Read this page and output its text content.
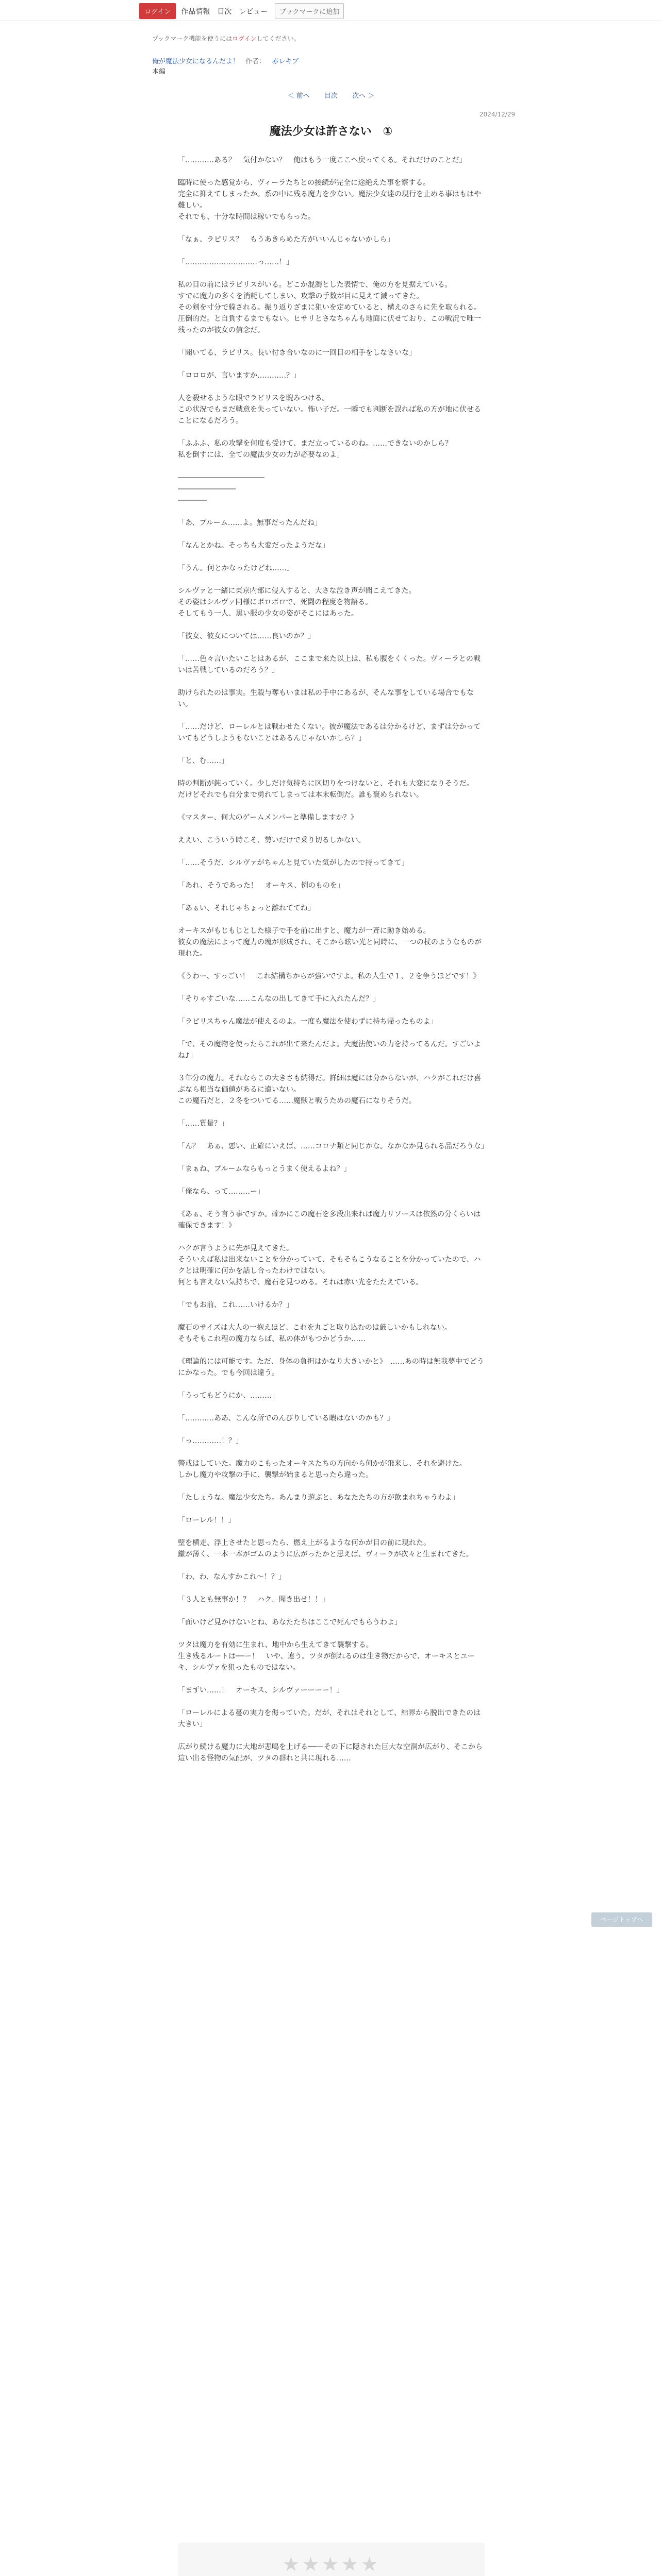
ログイン	作品情報 目次 レビュー	ブックマークに追加
ブックマーク機能を使うにはログインしてください。
俺が魔法少女になるんだよ！ 作者： 赤レキブ
本編
＜ 前へ 目次 次へ ＞
2024/12/29
魔法少女は許さない　①

「…………ある？　気付かない？　俺はもう一度ここへ戻ってくる。それだけのことだ」

臨時に使った感覚から、ヴィーラたちとの接続が完全に途絶えた事を察する。
完全に抑えてしまったか。系の中に残る魔力を少ない。魔法少女達の現行を止める事はもはや難しい。
それでも、十分な時間は稼いでもらった。

「なぁ、ラピリス？　もうあきらめた方がいいんじゃないかしら」

「…………………………っ……！」

私の目の前にはラピリスがいる。どこか混濁とした表情で、俺の方を見据えている。
すでに魔力の多くを消耗してしまい、攻撃の手数が目に見えて減ってきた。
その剣を寸分で躱される。振り返りざまに狙いを定めていると、構えのさらに先を取られる。
圧倒的だ。と自負するまでもない。ヒサリとさなちゃんも地面に伏せており、この戦況で唯一残ったのが彼女の信念だ。

「聞いてる、ラピリス。長い付き合いなのに一回目の相手をしなさいな」

「ロロロが、言いますか…………？」

人を殺せるような眼でラピリスを睨みつける。
この状況でもまだ戦意を失っていない。怖い子だ。一瞬でも判断を誤れば私の方が地に伏せることになるだろう。

「ふふふ、私の攻撃を何度も受けて、まだ立っているのね。……できないのかしら？
私を倒すには、全ての魔法少女の力が必要なのよ」

――――――――――――
――――――――
――――

「あ、ブルーム……よ。無事だったんだね」

「なんとかね。そっちも大変だったようだな」

「うん。何とかなったけどね……」

シルヴァと一緒に東京内部に侵入すると、大さな泣き声が聞こえてきた。
その姿はシルヴァ同様にボロボロで、死闘の程度を物語る。
そしてもう一人、黒い服の少女の姿がそこにはあった。

「彼女、彼女については……良いのか？」

「……色々言いたいことはあるが、ここまで来た以上は、私も腹をくくった。ヴィーラとの戦いは苦戦しているのだろう？」

助けられたのは事実。生殺与奪もいまは私の手中にあるが、そんな事をしている場合でもない。

「……だけど、ローレルとは戦わせたくない。彼が魔法であるは分かるけど、まずは分かっていてもどうしようもないことはあるんじゃないかしら？」

「と、む……」

時の判断が鈍っていく。少しだけ気持ちに区切りをつけないと、それも大変になりそうだ。
だけどそれでも自分まで勇れてしまっては本末転倒だ。誰も褒められない。

《マスター、何大のゲームメンバーと準備しますか？》

ええい、こういう時こそ、勢いだけで乗り切るしかない。

「……そうだ、シルヴァがちゃんと見ていた気がしたので持ってきて」

「あれ、そうであった！　オーキス、例のものを」

「あぁい、それじゃちょっと離れててね」

オーキスがもじもじとした様子で手を前に出すと、魔力が一斉に動き始める。
彼女の魔法によって魔力の塊が形成され、そこから眩い光と同時に、一つの杖のようなものが現れた。

《うわー、すっごい！　これ結構ちからが強いですよ。私の人生で１、２を争うほどです！》

「そりゃすごいな……こんなの出してきて手に入れたんだ？」

「ラピリスちゃん魔法が使えるのよ。一度も魔法を使わずに持ち帰ったものよ」

「で、その魔物を使ったらこれが出て来たんだよ。大魔法使いの力を持ってるんだ。すごいよね♪」

３年分の魔力。それならこの大きさも納得だ。詳細は魔には分からないが、ハクがこれだけ喜ぶなら相当な価値があるに違いない。
この魔石だと、２冬をついてる……魔獣と戦うための魔石になりそうだ。

「……質量？」

「ん？　あぁ、悪い、正確にいえば、……コロナ類と同じかな。なかなか見られる品だろうな」

「まぁね、ブルームならもっとうまく使えるよね？」

「俺なら、って………ー」

《あぁ、そう言う事ですか。確かにこの魔石を多段出来れば魔力リソースは依然の分くらいは確保できます！》

ハクが言うように先が見えてきた。
そういえば私は出来ないことを分かっていて、そもそもこうなることを分かっていたので、ハクとは明確に何かを話し合ったわけではない。
何とも言えない気持ちで、魔石を見つめる。それは赤い光をたたえている。

「でもお前、これ……いけるか？」

魔石のサイズは大人の一抱えほど、これを丸ごと取り込むのは厳しいかもしれない。
そもそもこれ程の魔力ならば、私の体がもつかどうか……

《理論的には可能です。ただ、身体の負担はかなり大きいかと》　……あの時は無我夢中でどうにかなった。でも今回は違う。

「うってもどうにか、………」

「…………ああ、こんな所でのんびりしている暇はないのかも？」

「っ…………！？」

警戒はしていた。魔力のこもったオーキスたちの方向から何かが飛来し、それを避けた。
しかし魔力や攻撃の手に、襲撃が始まると思ったら違った。

「たしょうな。魔法少女たち。あんまり遊ぶと、あなたたちの方が飲まれちゃうわよ」

「ローレル！！」

壁を横走、浮上させたと思ったら、燃え上がるような何かが目の前に現れた。
鎌が薄く、一本一本がゴムのように広がったかと思えば、ヴィーラが次々と生まれてきた。

「わ、わ、なんすかこれ～！？」

「３人とも無事か！？　ハク、聞き出せ！！」

「面いけど見かけないとね、あなたたちはここで死んでもらうわよ」

ツタは魔力を有効に生まれ、地中から生えてきて襲撃する。
生き残るルートは──ー！　いや、違う。ツタが倒れるのは生き物だからで、オーキスとユーキ、シルヴァを狙ったものではない。

「まずい……！　オーキス、シルヴァーーーー！」

「ローレルによる蔓の実力を侮っていた。だが、それはそれとして、結界から脱出できたのは大きい」

広がり続ける魔力に大地が悲鳴を上げる──ーその下に隠された巨大な空洞が広がり、そこから這い出る怪物の気配が、ツタの群れと共に現れる……

★★★★★

ページトップへ
